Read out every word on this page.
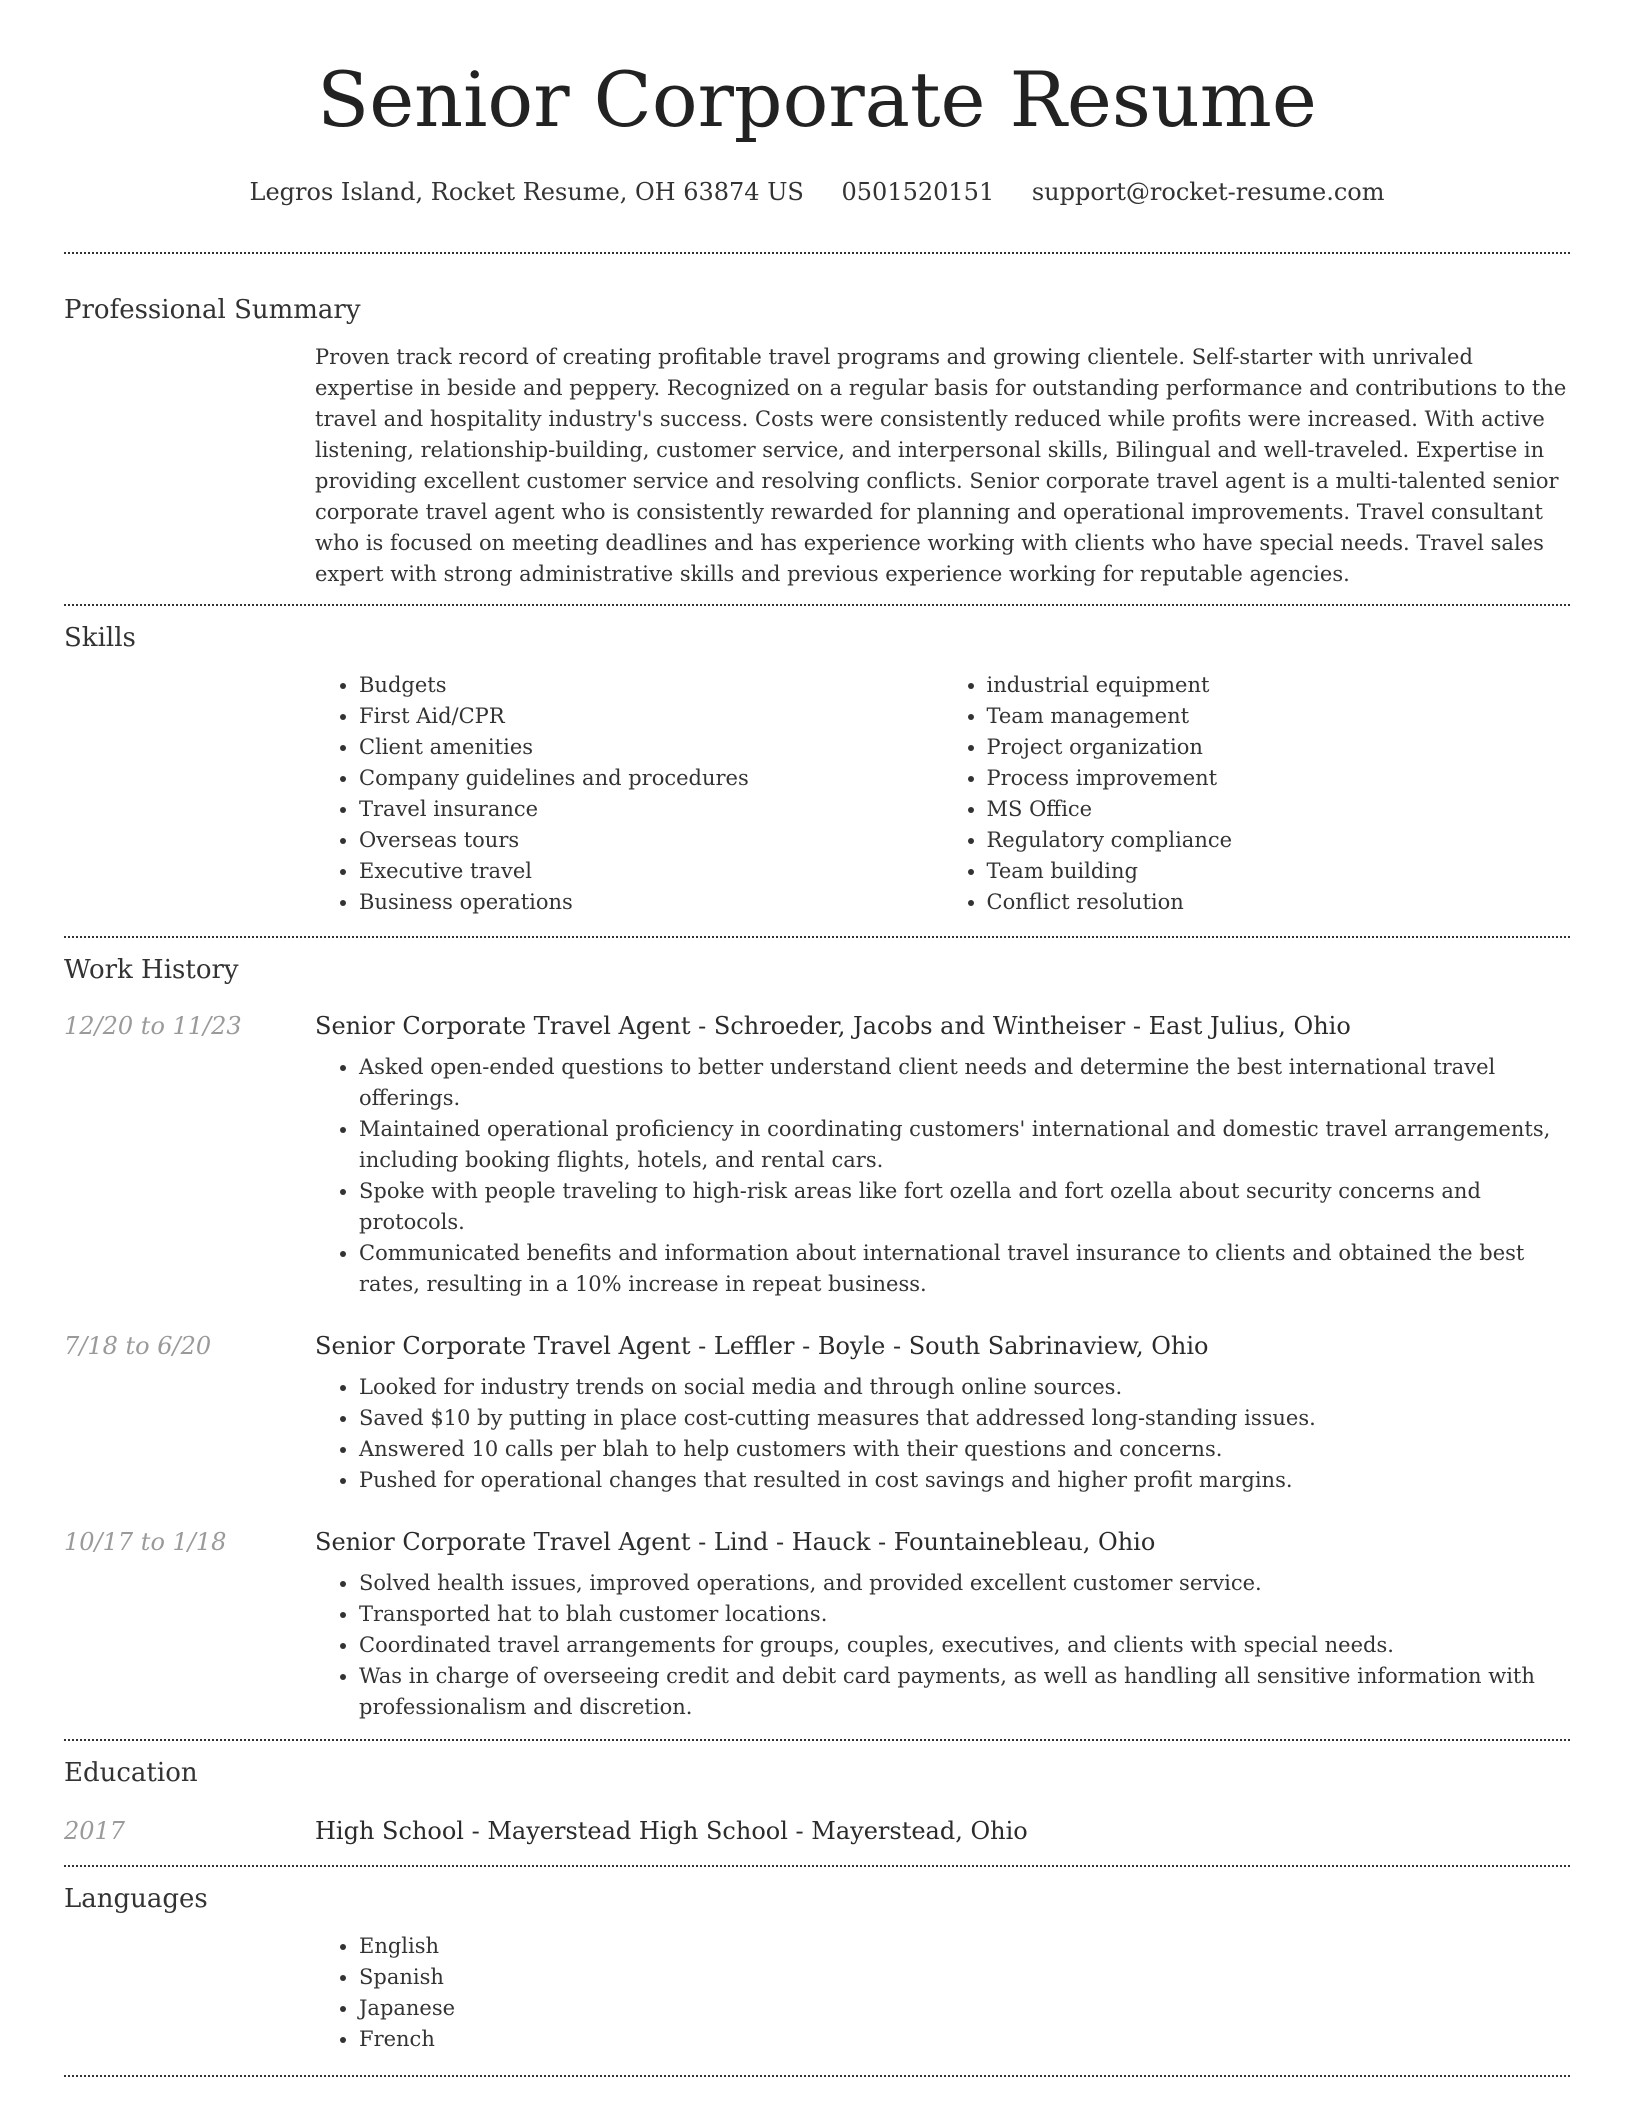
Senior Corporate Resume
Legros Island, Rocket Resume, OH 63874 US 0501520151 support@rocket-resume.com
Professional Summary
Proven track record of creating profitable travel programs and growing clientele. Self-starter with unrivaled expertise in beside and peppery. Recognized on a regular basis for outstanding performance and contributions to the travel and hospitality industry's success. Costs were consistently reduced while profits were increased. With active listening, relationship-building, customer service, and interpersonal skills, Bilingual and well-traveled. Expertise in providing excellent customer service and resolving conflicts. Senior corporate travel agent is a multi-talented senior corporate travel agent who is consistently rewarded for planning and operational improvements. Travel consultant who is focused on meeting deadlines and has experience working with clients who have special needs. Travel sales expert with strong administrative skills and previous experience working for reputable agencies.
Skills
• Budgets
• First Aid/CPR
• Client amenities
• Company guidelines and procedures
• Travel insurance
• Overseas tours
• Executive travel
• Business operations
• industrial equipment
• Team management
• Project organization
• Process improvement
• MS Office
• Regulatory compliance
• Team building
• Conflict resolution
Work History
12/20 to 11/23	Senior Corporate Travel Agent - Schroeder, Jacobs and Wintheiser - East Julius, Ohio
• Asked open-ended questions to better understand client needs and determine the best international travel offerings.
• Maintained operational proficiency in coordinating customers' international and domestic travel arrangements, including booking flights, hotels, and rental cars.
• Spoke with people traveling to high-risk areas like fort ozella and fort ozella about security concerns and protocols.
• Communicated benefits and information about international travel insurance to clients and obtained the best rates, resulting in a 10% increase in repeat business.
7/18 to 6/20	Senior Corporate Travel Agent - Leffler - Boyle - South Sabrinaview, Ohio
• Looked for industry trends on social media and through online sources.
• Saved $10 by putting in place cost-cutting measures that addressed long-standing issues.
• Answered 10 calls per blah to help customers with their questions and concerns.
• Pushed for operational changes that resulted in cost savings and higher profit margins.
10/17 to 1/18	Senior Corporate Travel Agent - Lind - Hauck - Fountainebleau, Ohio
• Solved health issues, improved operations, and provided excellent customer service.
• Transported hat to blah customer locations.
• Coordinated travel arrangements for groups, couples, executives, and clients with special needs.
• Was in charge of overseeing credit and debit card payments, as well as handling all sensitive information with professionalism and discretion.
Education
2017	High School - Mayerstead High School - Mayerstead, Ohio
Languages
• English
• Spanish
• Japanese
• French
